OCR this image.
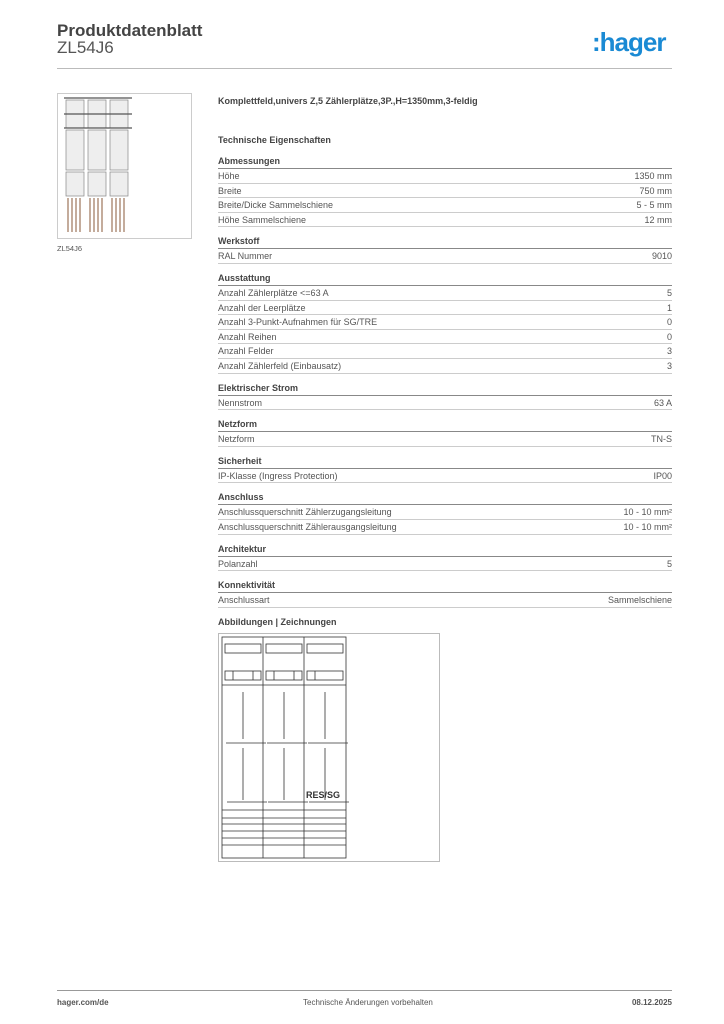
Produktdatenblatt
ZL54J6	:hager
ZL54J6
Komplettfeld,univers Z,5 Zählerplätze,3P.,H=1350mm,3-feldig
Technische Eigenschaften
Abmessungen
Höhe	1350 mm
Breite	750 mm
Breite/Dicke Sammelschiene	5 - 5 mm
Höhe Sammelschiene	12 mm
Werkstoff
RAL Nummer	9010
Ausstattung
Anzahl Zählerplätze <=63 A	5
Anzahl der Leerplätze	1
Anzahl 3-Punkt-Aufnahmen für SG/TRE	0
Anzahl Reihen	0
Anzahl Felder	3
Anzahl Zählerfeld (Einbausatz)	3
Elektrischer Strom
Nennstrom	63 A
Netzform
Netzform	TN-S
Sicherheit
IP-Klasse (Ingress Protection)	IP00
Anschluss
Anschlussquerschnitt Zählerzugangsleitung	10 - 10 mm²
Anschlussquerschnitt Zählerausgangsleitung	10 - 10 mm²
Architektur
Polanzahl	5
Konnektivität
Anschlussart	Sammelschiene
Abbildungen | Zeichnungen
RES/SG
hager.com/de	Technische Änderungen vorbehalten	08.12.2025
